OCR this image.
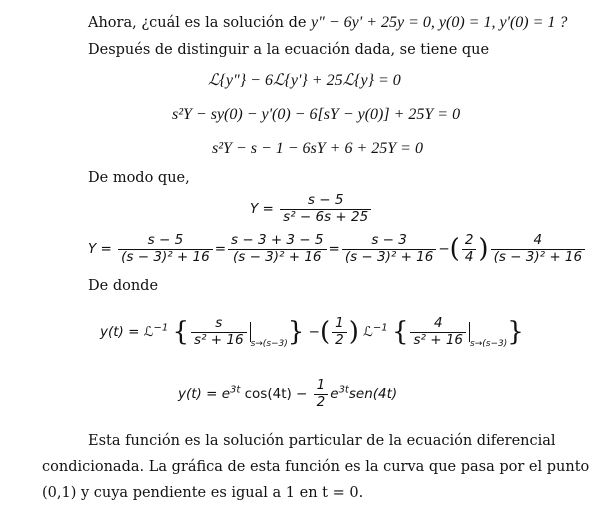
Ahora, ¿cuál es la solución de y" − 6y' + 25y = 0, y(0) = 1, y'(0) = 1 ?
Después de distinguir a la ecuación dada, se tiene que
ℒ{y"} − 6ℒ{y'} + 25ℒ{y} = 0
s²Y − sy(0) − y'(0) − 6[sY − y(0)] + 25Y = 0
s²Y − s − 1 − 6sY + 6 + 25Y = 0
De modo que,
$Y = \frac{s - 5}{\text{s² − 6s + 25}}$
$Y = \frac{s - 5}{\text{(s − 3)² + 16}} = \frac{s - 3 + 3 - 5}{\text{(s − 3)² + 16}} = \frac{s - 3}{\text{(s − 3)² + 16}}$ −( $\frac{2}{4}$ ) $\frac{4}{\text{(s − 3)² + 16}}$
De donde
y(t) = ℒ$^{-1}$ { $\frac{s}{\text{s² + 16}} _{s\to(s-3)}$} −( $\frac{1}{2}$ ) ℒ$^{-1}$ { $\frac{4}{\text{s² + 16}} _{s\to(s-3)}$}
$y(t) = e^{3t}$ $\cos(4t) - \frac{1}{2} e^{3t}sen(4t)$
Esta función es la solución particular de la ecuación diferencial
condicionada. La gráfica de esta función es la curva que pasa por el punto
(0,1) y cuya pendiente es igual a 1 en t = 0.
